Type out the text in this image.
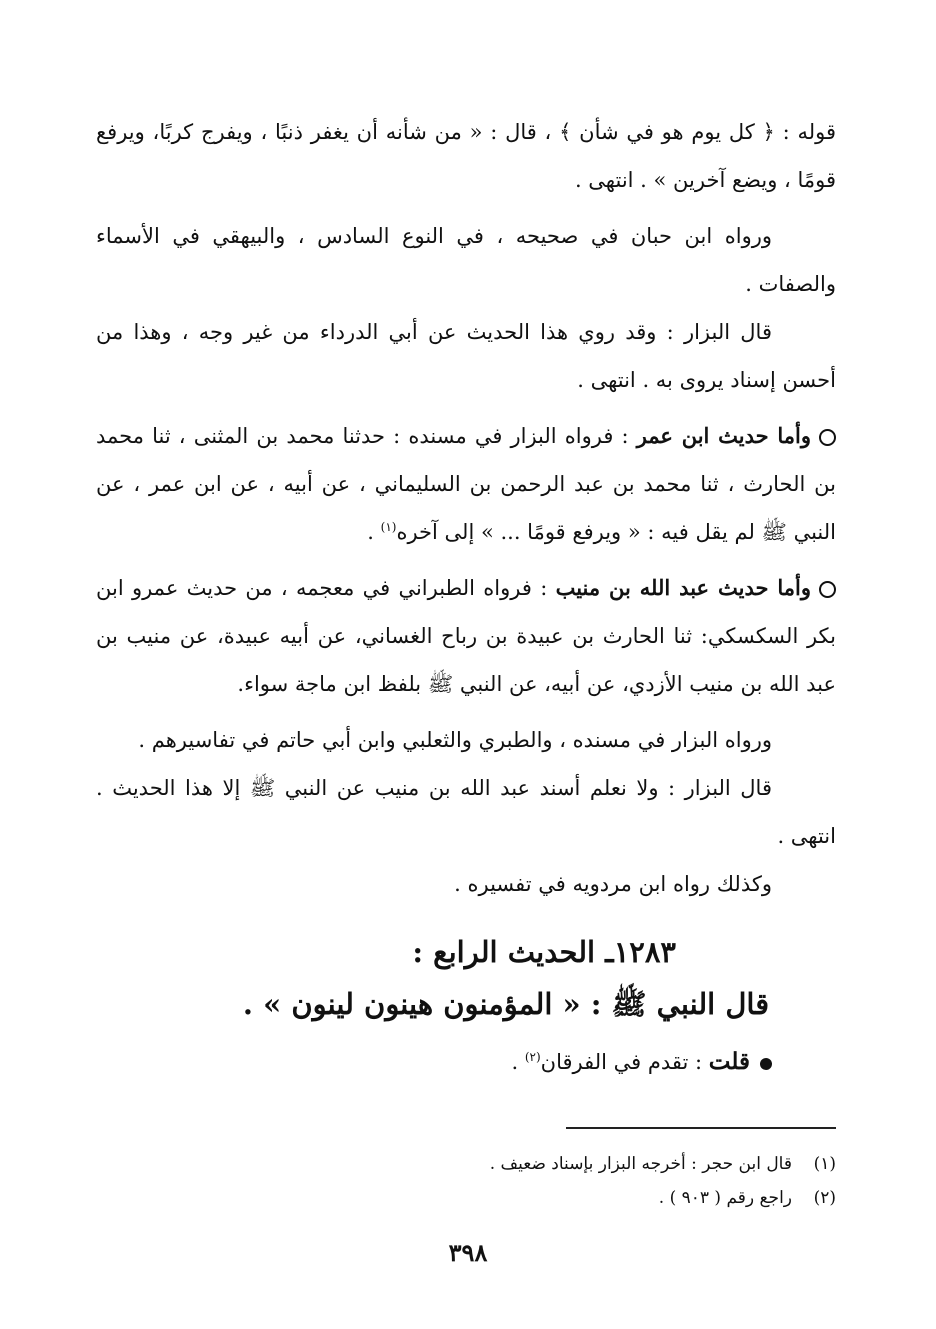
قوله : ﴿ كل يوم هو في شأن ﴾ ، قال : « من شأنه أن يغفر ذنبًا ، ويفرج كربًا، ويرفع قومًا ، ويضع آخرين » . انتهى .

ورواه ابن حبان في صحيحه ، في النوع السادس ، والبيهقي في الأسماء والصفات .

قال البزار : وقد روي هذا الحديث عن أبي الدرداء من غير وجه ، وهذا من أحسن إسناد يروى به . انتهى .

وأما حديث ابن عمر : فرواه البزار في مسنده : حدثنا محمد بن المثنى ، ثنا محمد بن الحارث ، ثنا محمد بن عبد الرحمن بن السليماني ، عن أبيه ، عن ابن عمر ، عن النبي ﷺ لم يقل فيه : « ويرفع قومًا ... » إلى آخره$^{(١)}$ .

وأما حديث عبد الله بن منيب : فرواه الطبراني في معجمه ، من حديث عمرو ابن بكر السكسكي: ثنا الحارث بن عبيدة بن رباح الغساني، عن أبيه عبيدة، عن منيب بن عبد الله بن منيب الأزدي، عن أبيه، عن النبي ﷺ بلفظ ابن ماجة سواء.

ورواه البزار في مسنده ، والطبري والثعلبي وابن أبي حاتم في تفاسيرهم .

قال البزار : ولا نعلم أسند عبد الله بن منيب عن النبي ﷺ إلا هذا الحديث . انتهى .

وكذلك رواه ابن مردويه في تفسيره .

١٢٨٣ـ الحديث الرابع :

قال النبي ﷺ : « المؤمنون هينون لينون » .

قلت : تقدم في الفرقان$^{(٢)}$ .

(١)قال ابن حجر : أخرجه البزار بإسناد ضعيف .

(٢)راجع رقم ( ٩٠٣ ) .

٣٩٨
